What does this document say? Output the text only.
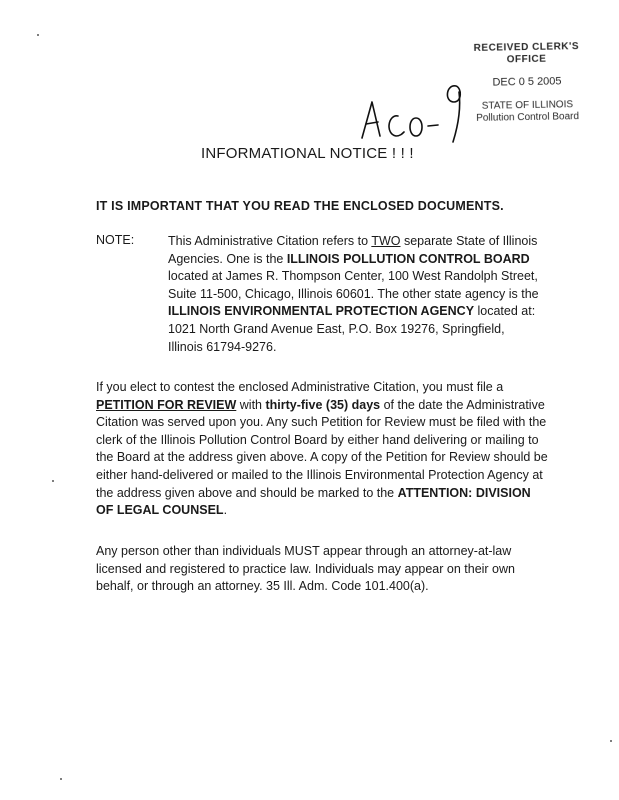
RECEIVED CLERK'S OFFICE
DEC 0 5 2005
STATE OF ILLINOIS
Pollution Control Board
INFORMATIONAL NOTICE ! ! !
IT IS IMPORTANT THAT YOU READ THE ENCLOSED DOCUMENTS.
NOTE:	This Administrative Citation refers to TWO separate State of Illinois Agencies. One is the ILLINOIS POLLUTION CONTROL BOARD located at James R. Thompson Center, 100 West Randolph Street, Suite 11-500, Chicago, Illinois 60601. The other state agency is the ILLINOIS ENVIRONMENTAL PROTECTION AGENCY located at: 1021 North Grand Avenue East, P.O. Box 19276, Springfield, Illinois 61794-9276.
If you elect to contest the enclosed Administrative Citation, you must file a PETITION FOR REVIEW with thirty-five (35) days of the date the Administrative Citation was served upon you. Any such Petition for Review must be filed with the clerk of the Illinois Pollution Control Board by either hand delivering or mailing to the Board at the address given above. A copy of the Petition for Review should be either hand-delivered or mailed to the Illinois Environmental Protection Agency at the address given above and should be marked to the ATTENTION: DIVISION OF LEGAL COUNSEL.
Any person other than individuals MUST appear through an attorney-at-law licensed and registered to practice law. Individuals may appear on their own behalf, or through an attorney. 35 Ill. Adm. Code 101.400(a).
